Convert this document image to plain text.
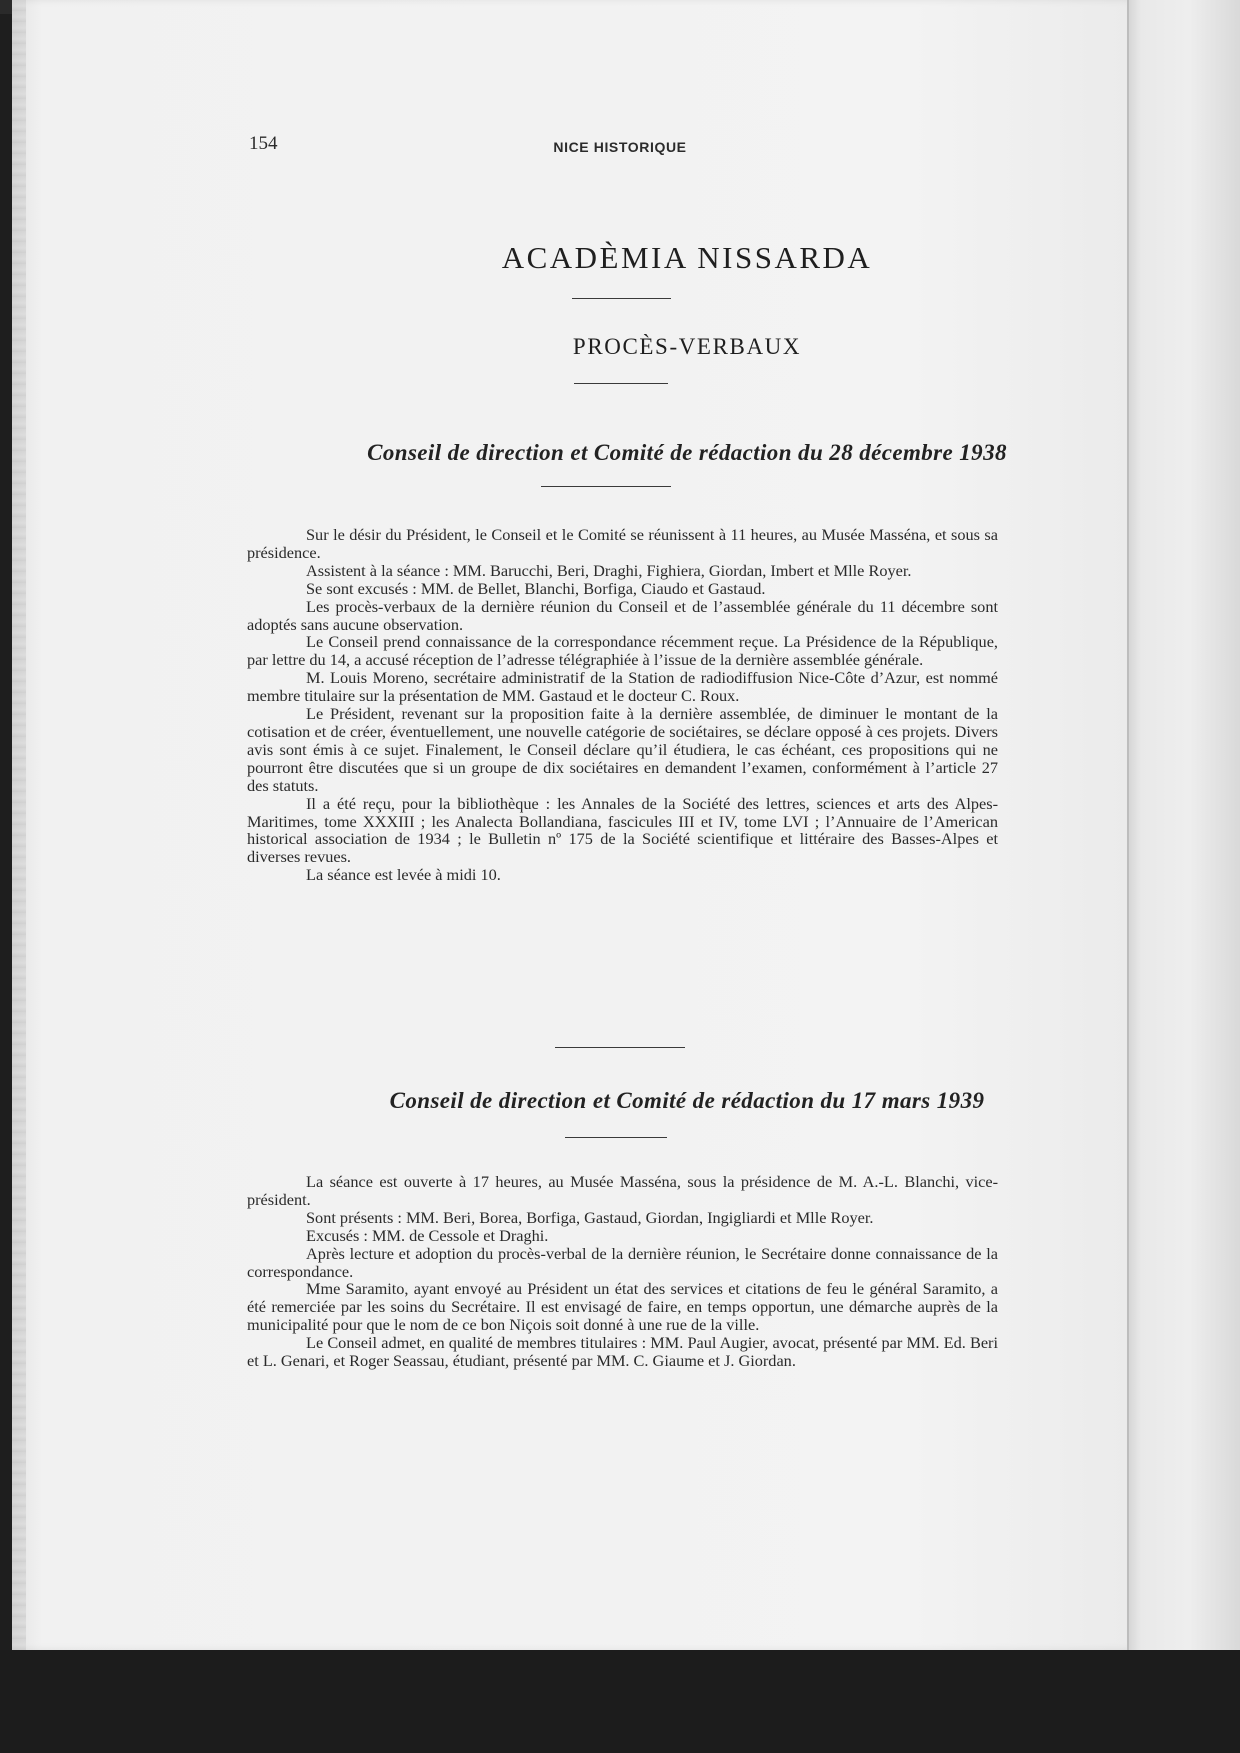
154	NICE HISTORIQUE
ACADÈMIA NISSARDA
PROCÈS-VERBAUX
Conseil de direction et Comité de rédaction du 28 décembre 1938

Sur le désir du Président, le Conseil et le Comité se réunissent à 11 heures, au Musée Masséna, et sous sa présidence.

Assistent à la séance : MM. Barucchi, Beri, Draghi, Fighiera, Giordan, Imbert et Mlle Royer.

Se sont excusés : MM. de Bellet, Blanchi, Borfiga, Ciaudo et Gastaud.

Les procès-verbaux de la dernière réunion du Conseil et de l’assemblée générale du 11 décembre sont adoptés sans aucune observation.

Le Conseil prend connaissance de la correspondance récemment reçue. La Présidence de la République, par lettre du 14, a accusé réception de l’adresse télégraphiée à l’issue de la dernière assemblée générale.

M. Louis Moreno, secrétaire administratif de la Station de radiodiffusion Nice-Côte d’Azur, est nommé membre titulaire sur la présentation de MM. Gastaud et le docteur C. Roux.

Le Président, revenant sur la proposition faite à la dernière assemblée, de diminuer le montant de la cotisation et de créer, éventuellement, une nouvelle catégorie de sociétaires, se déclare opposé à ces projets. Divers avis sont émis à ce sujet. Finalement, le Conseil déclare qu’il étudiera, le cas échéant, ces propositions qui ne pourront être discutées que si un groupe de dix sociétaires en demandent l’examen, conformément à l’article 27 des statuts.

Il a été reçu, pour la bibliothèque : les Annales de la Société des lettres, sciences et arts des Alpes-Maritimes, tome XXXIII ; les Analecta Bollandiana, fascicules III et IV, tome LVI ; l’Annuaire de l’American historical association de 1934 ; le Bulletin nº 175 de la Société scientifique et littéraire des Basses-Alpes et diverses revues.

La séance est levée à midi 10.

Conseil de direction et Comité de rédaction du 17 mars 1939

La séance est ouverte à 17 heures, au Musée Masséna, sous la présidence de M. A.-L. Blanchi, vice-président.

Sont présents : MM. Beri, Borea, Borfiga, Gastaud, Giordan, Ingigliardi et Mlle Royer.

Excusés : MM. de Cessole et Draghi.

Après lecture et adoption du procès-verbal de la dernière réunion, le Secrétaire donne connaissance de la correspondance.

Mme Saramito, ayant envoyé au Président un état des services et citations de feu le général Saramito, a été remerciée par les soins du Secrétaire. Il est envisagé de faire, en temps opportun, une démarche auprès de la municipalité pour que le nom de ce bon Niçois soit donné à une rue de la ville.

Le Conseil admet, en qualité de membres titulaires : MM. Paul Augier, avocat, présenté par MM. Ed. Beri et L. Genari, et Roger Seassau, étudiant, présenté par MM. C. Giaume et J. Giordan.
